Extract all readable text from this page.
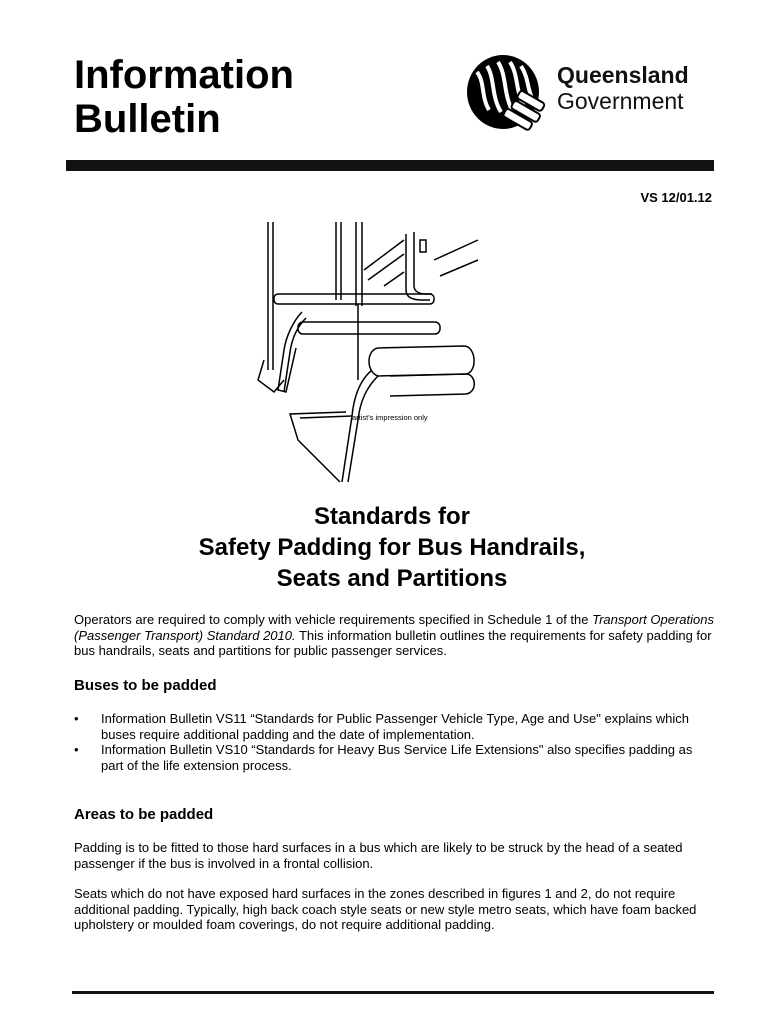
Information
Bulletin
Queensland
Government
VS 12/01.12
artist's impression only
Standards for
Safety Padding for Bus Handrails,
Seats and Partitions

Operators are required to comply with vehicle requirements specified in Schedule 1 of the Transport Operations (Passenger Transport) Standard 2010. This information bulletin outlines the requirements for safety padding for bus handrails, seats and partitions for public passenger services.

Buses to be padded
• Information Bulletin VS11 “Standards for Public Passenger Vehicle Type, Age and Use" explains which buses require additional padding and the date of implementation.
• Information Bulletin VS10 “Standards for Heavy Bus Service Life Extensions" also specifies padding as part of the life extension process.
Areas to be padded

Padding is to be fitted to those hard surfaces in a bus which are likely to be struck by the head of a seated passenger if the bus is involved in a frontal collision.

Seats which do not have exposed hard surfaces in the zones described in figures 1 and 2, do not require additional padding. Typically, high back coach style seats or new style metro seats, which have foam backed upholstery or moulded foam coverings, do not require additional padding.
